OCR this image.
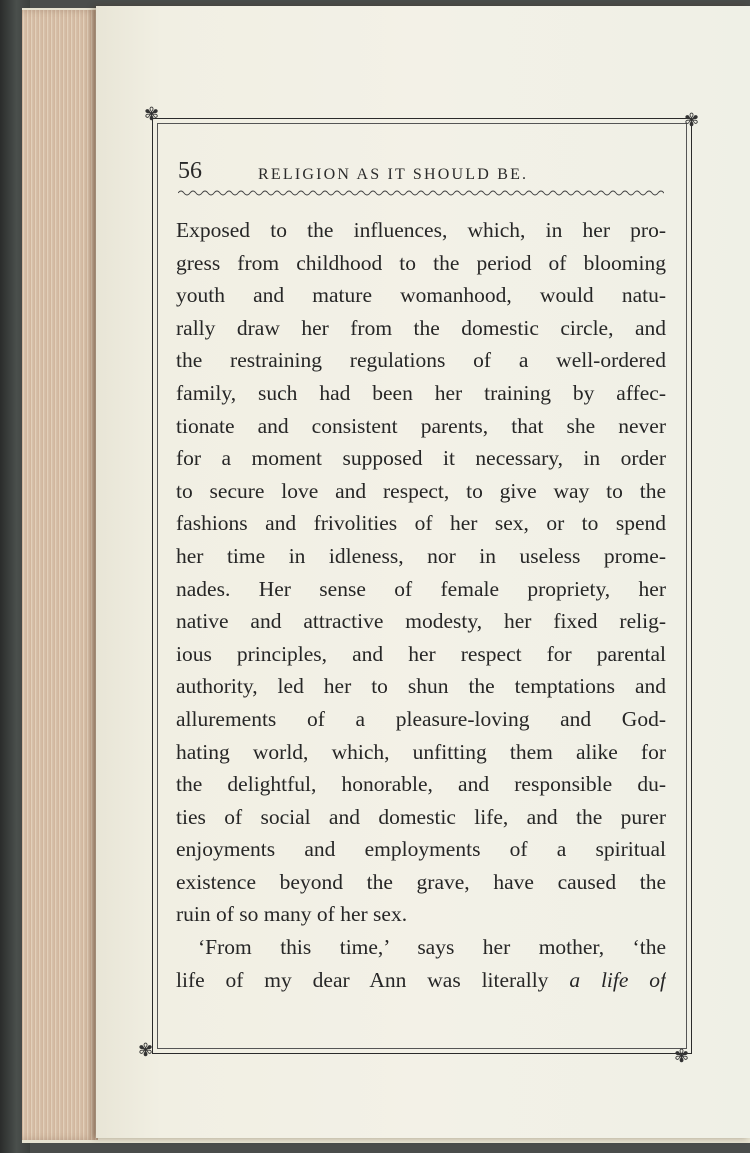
✾	✾
✾	✾
56	RELIGION AS IT SHOULD BE.
Exposed to the influences, which, in her pro-
gress from childhood to the period of blooming
youth and mature womanhood, would natu-
rally draw her from the domestic circle, and
the restraining regulations of a well-ordered
family, such had been her training by affec-
tionate and consistent parents, that she never
for a moment supposed it necessary, in order
to secure love and respect, to give way to the
fashions and frivolities of her sex, or to spend
her time in idleness, nor in useless prome-
nades. Her sense of female propriety, her
native and attractive modesty, her fixed relig-
ious principles, and her respect for parental
authority, led her to shun the temptations and
allurements of a pleasure-loving and God-
hating world, which, unfitting them alike for
the delightful, honorable, and responsible du-
ties of social and domestic life, and the purer
enjoyments and employments of a spiritual
existence beyond the grave, have caused the
ruin of so many of her sex.
‘From this time,’ says her mother, ‘the
life of my dear Ann was literally a life of
